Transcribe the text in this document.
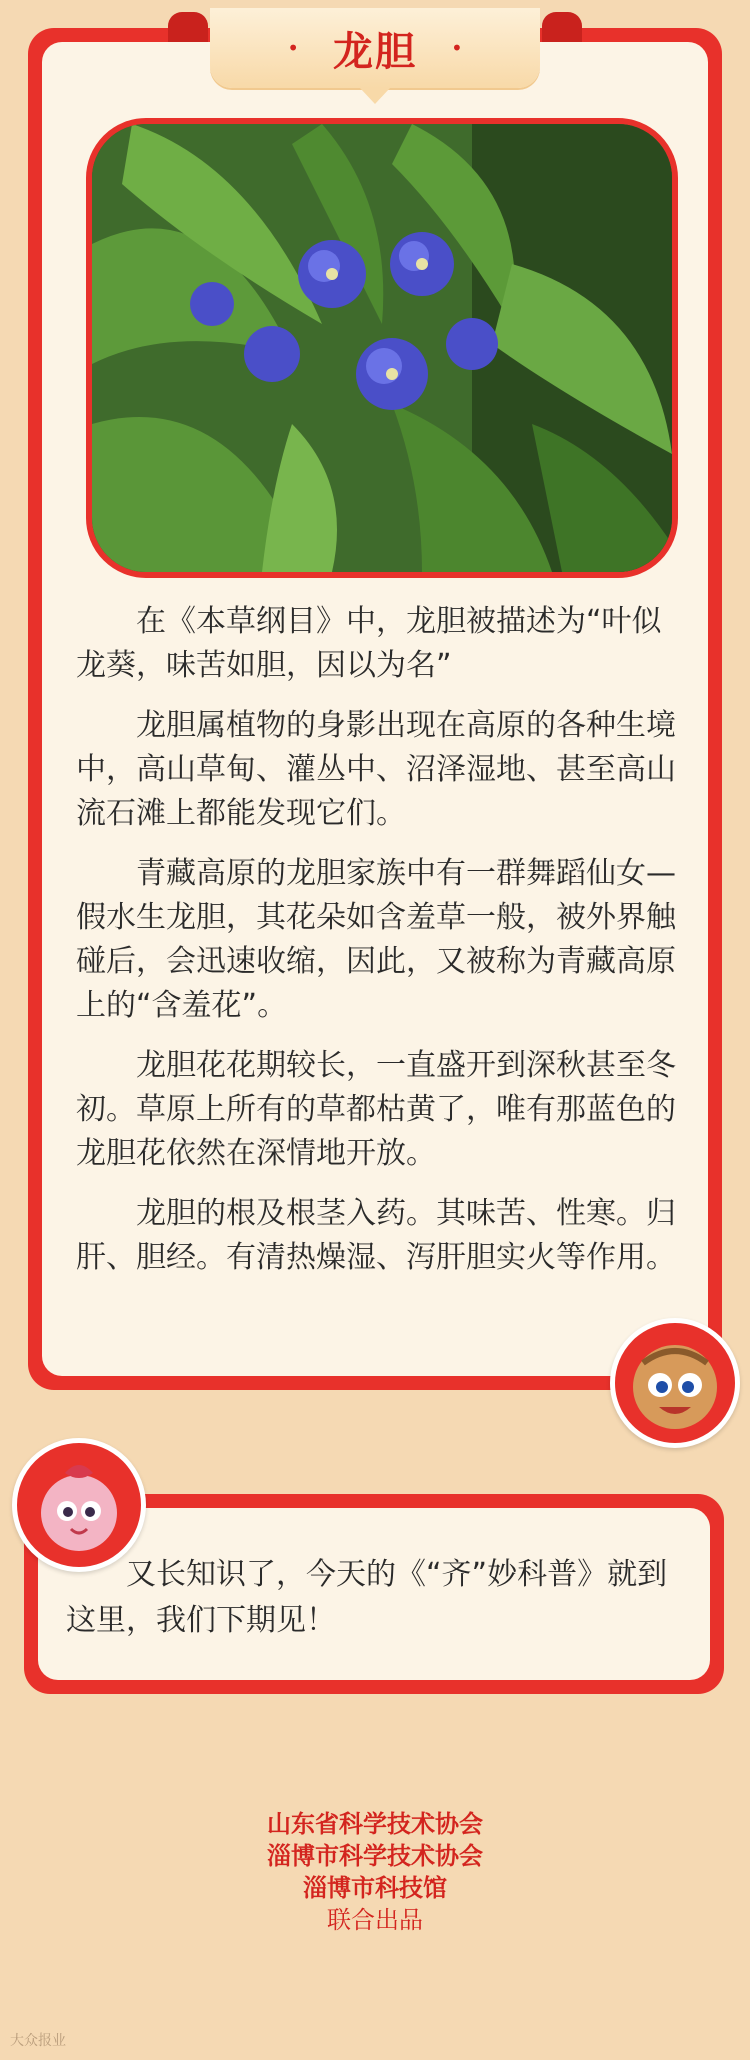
• 龙胆 •

在《本草纲目》中，龙胆被描述为“叶似龙葵，味苦如胆，因以为名”

龙胆属植物的身影出现在高原的各种生境中，高山草甸、灌丛中、沼泽湿地、甚至高山流石滩上都能发现它们。

青藏高原的龙胆家族中有一群舞蹈仙女—假水生龙胆，其花朵如含羞草一般，被外界触碰后，会迅速收缩，因此，又被称为青藏高原上的“含羞花”。

龙胆花花期较长，一直盛开到深秋甚至冬初。草原上所有的草都枯黄了，唯有那蓝色的龙胆花依然在深情地开放。

龙胆的根及根茎入药。其味苦、性寒。归肝、胆经。有清热燥湿、泻肝胆实火等作用。

又长知识了，今天的《“齐”妙科普》就到这里，我们下期见！
山东省科学技术协会
淄博市科学技术协会
淄博市科技馆
联合出品
大众报业
